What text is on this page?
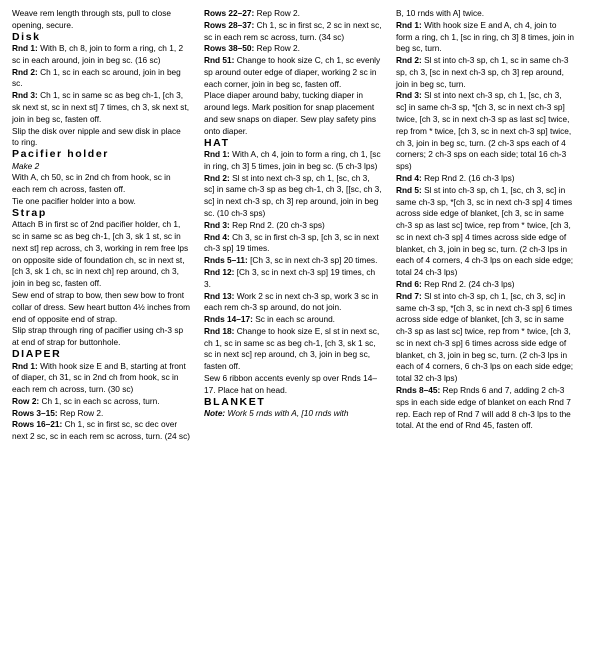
Weave rem length through sts, pull to close opening, secure.

Disk

Rnd 1: With B, ch 8, join to form a ring, ch 1, 2 sc in each around, join in beg sc. (16 sc)

Rnd 2: Ch 1, sc in each sc around, join in beg sc.

Rnd 3: Ch 1, sc in same sc as beg ch-1, [ch 3, sk next st, sc in next st] 7 times, ch 3, sk next st, join in beg sc, fasten off.

Slip the disk over nipple and sew disk in place to ring.

Pacifier holder

Make 2

With A, ch 50, sc in 2nd ch from hook, sc in each rem ch across, fasten off.

Tie one pacifier holder into a bow.

Strap

Attach B in first sc of 2nd pacifier holder, ch 1, sc in same sc as beg ch-1, [ch 3, sk 1 st, sc in next st] rep across, ch 3, working in rem free lps on opposite side of foundation ch, sc in next st, [ch 3, sk 1 ch, sc in next ch] rep around, ch 3, join in beg sc, fasten off.

Sew end of strap to bow, then sew bow to front collar of dress. Sew heart button 4½ inches from end of opposite end of strap.

Slip strap through ring of pacifier using ch-3 sp at end of strap for buttonhole.

DIAPER

Rnd 1: With hook size E and B, starting at front of diaper, ch 31, sc in 2nd ch from hook, sc in each rem ch across, turn. (30 sc)

Row 2: Ch 1, sc in each sc across, turn.

Rows 3–15: Rep Row 2.

Rows 16–21: Ch 1, sc in first sc, sc dec over next 2 sc, sc in each rem sc across, turn. (24 sc)

Rows 22–27: Rep Row 2.

Rows 28–37: Ch 1, sc in first sc, 2 sc in next sc, sc in each rem sc across, turn. (34 sc)

Rows 38–50: Rep Row 2.

Rnd 51: Change to hook size C, ch 1, sc evenly sp around outer edge of diaper, working 2 sc in each corner, join in beg sc, fasten off.

Place diaper around baby, tucking diaper in around legs. Mark position for snap placement and sew snaps on diaper. Sew play safety pins onto diaper.

HAT

Rnd 1: With A, ch 4, join to form a ring, ch 1, [sc in ring, ch 3] 5 times, join in beg sc. (5 ch-3 lps)

Rnd 2: Sl st into next ch-3 sp, ch 1, [sc, ch 3, sc] in same ch-3 sp as beg ch-1, ch 3, [[sc, ch 3, sc] in next ch-3 sp, ch 3] rep around, join in beg sc. (10 ch-3 sps)

Rnd 3: Rep Rnd 2. (20 ch-3 sps)

Rnd 4: Ch 3, sc in first ch-3 sp, [ch 3, sc in next ch-3 sp] 19 times.

Rnds 5–11: [Ch 3, sc in next ch-3 sp] 20 times.

Rnd 12: [Ch 3, sc in next ch-3 sp] 19 times, ch 3.

Rnd 13: Work 2 sc in next ch-3 sp, work 3 sc in each rem ch-3 sp around, do not join.

Rnds 14–17: Sc in each sc around.

Rnd 18: Change to hook size E, sl st in next sc, ch 1, sc in same sc as beg ch-1, [ch 3, sk 1 sc, sc in next sc] rep around, ch 3, join in beg sc, fasten off.

Sew 6 ribbon accents evenly sp over Rnds 14–17. Place hat on head.

BLANKET

Note: Work 5 rnds with A, [10 rnds with

B, 10 rnds with A] twice.

Rnd 1: With hook size E and A, ch 4, join to form a ring, ch 1, [sc in ring, ch 3] 8 times, join in beg sc, turn.

Rnd 2: Sl st into ch-3 sp, ch 1, sc in same ch-3 sp, ch 3, [sc in next ch-3 sp, ch 3] rep around, join in beg sc, turn.

Rnd 3: Sl st into next ch-3 sp, ch 1, [sc, ch 3, sc] in same ch-3 sp, *[ch 3, sc in next ch-3 sp] twice, [ch 3, sc in next ch-3 sp as last sc] twice, rep from * twice, [ch 3, sc in next ch-3 sp] twice, ch 3, join in beg sc, turn. (2 ch-3 sps each of 4 corners; 2 ch-3 sps on each side; total 16 ch-3 sps)

Rnd 4: Rep Rnd 2. (16 ch-3 lps)

Rnd 5: Sl st into ch-3 sp, ch 1, [sc, ch 3, sc] in same ch-3 sp, *[ch 3, sc in next ch-3 sp] 4 times across side edge of blanket, [ch 3, sc in same ch-3 sp as last sc] twice, rep from * twice, [ch 3, sc in next ch-3 sp] 4 times across side edge of blanket, ch 3, join in beg sc, turn. (2 ch-3 lps in each of 4 corners, 4 ch-3 lps on each side edge; total 24 ch-3 lps)

Rnd 6: Rep Rnd 2. (24 ch-3 lps)

Rnd 7: Sl st into ch-3 sp, ch 1, [sc, ch 3, sc] in same ch-3 sp, *[ch 3, sc in next ch-3 sp] 6 times across side edge of blanket, [ch 3, sc in same ch-3 sp as last sc] twice, rep from * twice, [ch 3, sc in next ch-3 sp] 6 times across side edge of blanket, ch 3, join in beg sc, turn. (2 ch-3 lps in each of 4 corners, 6 ch-3 lps on each side edge; total 32 ch-3 lps)

Rnds 8–45: Rep Rnds 6 and 7, adding 2 ch-3 sps in each side edge of blanket on each Rnd 7 rep. Each rep of Rnd 7 will add 8 ch-3 lps to the total. At the end of Rnd 45, fasten off.
